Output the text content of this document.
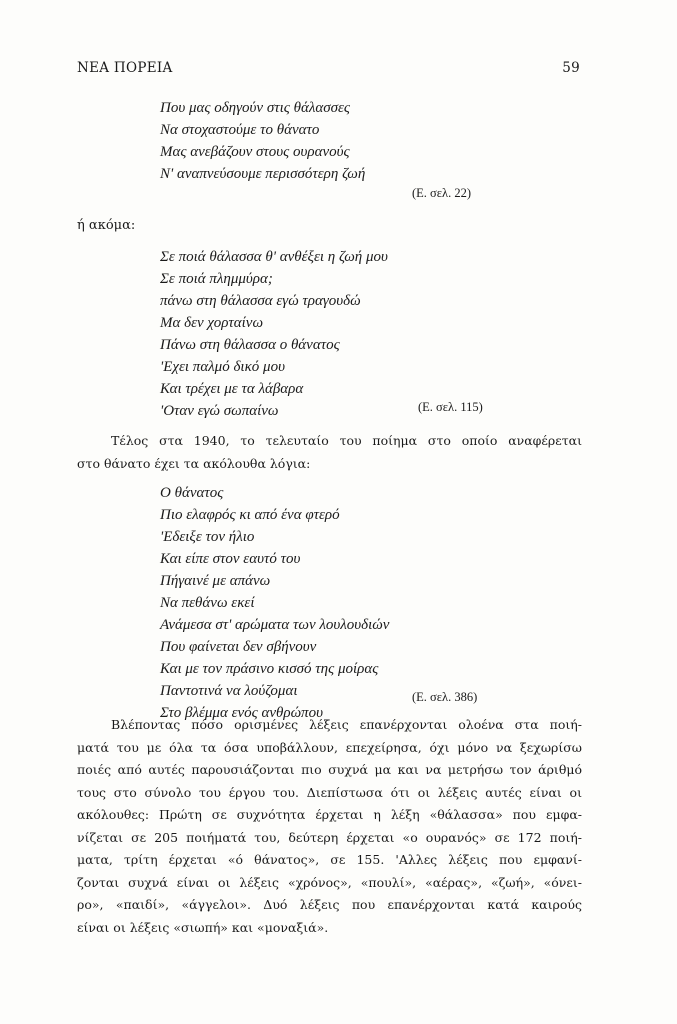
ΝΕΑ ΠΟΡΕΙΑ	59
Που μας οδηγούν στις θάλασσες
Να στοχαστούμε το θάνατο
Μας ανεβάζουν στους ουρανούς
Ν' αναπνεύσουμε περισσότερη ζωή
(Ε. σελ. 22)
ή ακόμα:
Σε ποιά θάλασσα θ' ανθέξει η ζωή μου
Σε ποιά πλημμύρα;
πάνω στη θάλασσα εγώ τραγουδώ
Μα δεν χορταίνω
Πάνω στη θάλασσα ο θάνατος
'Εχει παλμό δικό μου
Και τρέχει με τα λάβαρα
'Οταν εγώ σωπαίνω	(Ε. σελ. 115)
Τέλος στα 1940, το τελευταίο του ποίημα στο οποίο αναφέρεται
στο θάνατο έχει τα ακόλουθα λόγια:
Ο θάνατος
Πιο ελαφρός κι από ένα φτερό
'Εδειξε τον ήλιο
Και είπε στον εαυτό του
Πήγαινέ με απάνω
Να πεθάνω εκεί
Ανάμεσα στ' αρώματα των λουλουδιών
Που φαίνεται δεν σβήνουν
Και με τον πράσινο κισσό της μοίρας
Παντοτινά να λούζομαι
Στο βλέμμα ενός ανθρώπου
(Ε. σελ. 386)
Βλέποντας πόσο ορισμένες λέξεις επανέρχονται ολοένα στα ποιή-
ματά του με όλα τα όσα υποβάλλουν, επεχείρησα, όχι μόνο να ξεχωρίσω
ποιές από αυτές παρουσιάζονται πιο συχνά μα και να μετρήσω τον άριθμό
τους στο σύνολο του έργου του. Διεπίστωσα ότι οι λέξεις αυτές είναι οι
ακόλουθες: Πρώτη σε συχνότητα έρχεται η λέξη «θάλασσα» που εμφα-
νίζεται σε 205 ποιήματά του, δεύτερη έρχεται «ο ουρανός» σε 172 ποιή-
ματα, τρίτη έρχεται «ό θάνατος», σε 155. 'Αλλες λέξεις που εμφανί-
ζονται συχνά είναι οι λέξεις «χρόνος», «πουλί», «αέρας», «ζωή», «όνει-
ρο», «παιδί», «άγγελοι». Δυό λέξεις που επανέρχονται κατά καιρούς
είναι οι λέξεις «σιωπή» και «μοναξιά».
